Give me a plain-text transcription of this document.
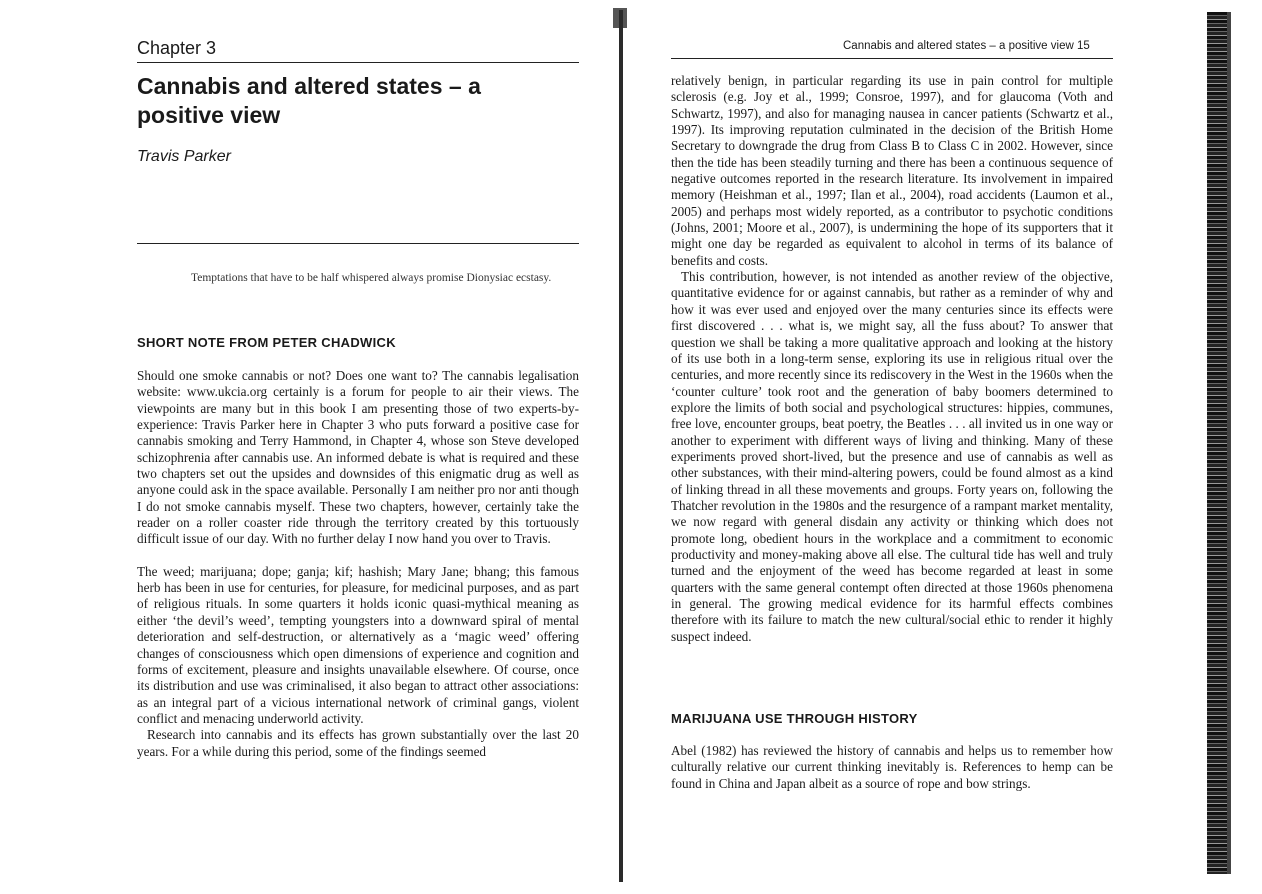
Chapter 3
Cannabis and altered states – a
positive view
Travis Parker
Temptations that have to be half whispered always promise Dionysiac ecstasy.
SHORT NOTE FROM PETER CHADWICK

Should one smoke cannabis or not? Does one want to? The cannabis legalisation website: www.ukcia.org certainly is a forum for people to air their views. The viewpoints are many but in this book I am presenting those of two experts-by-experience: Travis Parker here in Chapter 3 who puts forward a positive case for cannabis smoking and Terry Hammond, in Chapter 4, whose son Steve developed schizophrenia after cannabis use. An informed debate is what is required and these two chapters set out the upsides and downsides of this enigmatic drug as well as anyone could ask in the space available. Personally I am neither pro nor anti though I do not smoke cannabis myself. These two chapters, however, certainly take the reader on a roller coaster ride through the territory created by this tortuously difficult issue of our day. With no further delay I now hand you over to Travis.

The weed; marijuana; dope; ganja; kif; hashish; Mary Jane; bhang; this famous herb has been in use for centuries, for pleasure, for medicinal purposes, and as part of religious rituals. In some quarters it holds iconic quasi-mythical meaning as either ‘the devil’s weed’, tempting youngsters into a downward spiral of mental deterioration and self-destruction, or alternatively as a ‘magic weed’ offering changes of consciousness which open dimensions of experience and cognition and forms of excitement, pleasure and insights unavailable elsewhere. Of course, once its distribution and use was criminalised, it also began to attract other associations: as an integral part of a vicious international network of criminal gangs, violent conflict and menacing underworld activity.

Research into cannabis and its effects has grown substantially over the last 20 years. For a while during this period, some of the findings seemed

Cannabis and altered states – a positive view 15

relatively benign, in particular regarding its use in pain control for multiple sclerosis (e.g. Joy et al., 1999; Consroe, 1997), and for glaucoma (Voth and Schwartz, 1997), and also for managing nausea in cancer patients (Schwartz et al., 1997). Its improving reputation culminated in the decision of the British Home Secretary to downgrade the drug from Class B to Class C in 2002. However, since then the tide has been steadily turning and there has been a continuous sequence of negative outcomes reported in the research literature. Its involvement in impaired memory (Heishman et al., 1997; Ilan et al., 2004), road accidents (Laumon et al., 2005) and perhaps most widely reported, as a contributor to psychotic conditions (Johns, 2001; Moore et al., 2007), is undermining the hope of its supporters that it might one day be regarded as equivalent to alcohol in terms of its balance of benefits and costs.

This contribution, however, is not intended as another review of the objective, quantitative evidence for or against cannabis, but rather as a reminder of why and how it was ever used and enjoyed over the many centuries since its effects were first discovered . . . what is, we might say, all the fuss about? To answer that question we shall be taking a more qualitative approach and looking at the history of its use both in a long-term sense, exploring its use in religious ritual over the centuries, and more recently since its rediscovery in the West in the 1960s when the ‘counter culture’ took root and the generation of baby boomers determined to explore the limits of both social and psychological structures: hippies, communes, free love, encounter groups, beat poetry, the Beatles . . . all invited us in one way or another to experiment with different ways of living and thinking. Many of these experiments proved short-lived, but the presence and use of cannabis as well as other substances, with their mind-altering powers, could be found almost as a kind of linking thread in all these movements and groups. Forty years on, following the Thatcher revolution in the 1980s and the resurgence of a rampant market mentality, we now regard with general disdain any activity or thinking which does not promote long, obedient hours in the workplace and a commitment to economic productivity and money-making above all else. The cultural tide has well and truly turned and the enjoyment of the weed has become regarded at least in some quarters with the same general contempt often directed at those 1960s phenomena in general. The growing medical evidence for its harmful effects combines therefore with its failure to match the new cultural/social ethic to render it highly suspect indeed.

MARIJUANA USE THROUGH HISTORY

Abel (1982) has reviewed the history of cannabis and helps us to remember how culturally relative our current thinking inevitably is. References to hemp can be found in China and Japan albeit as a source of rope and bow strings.
